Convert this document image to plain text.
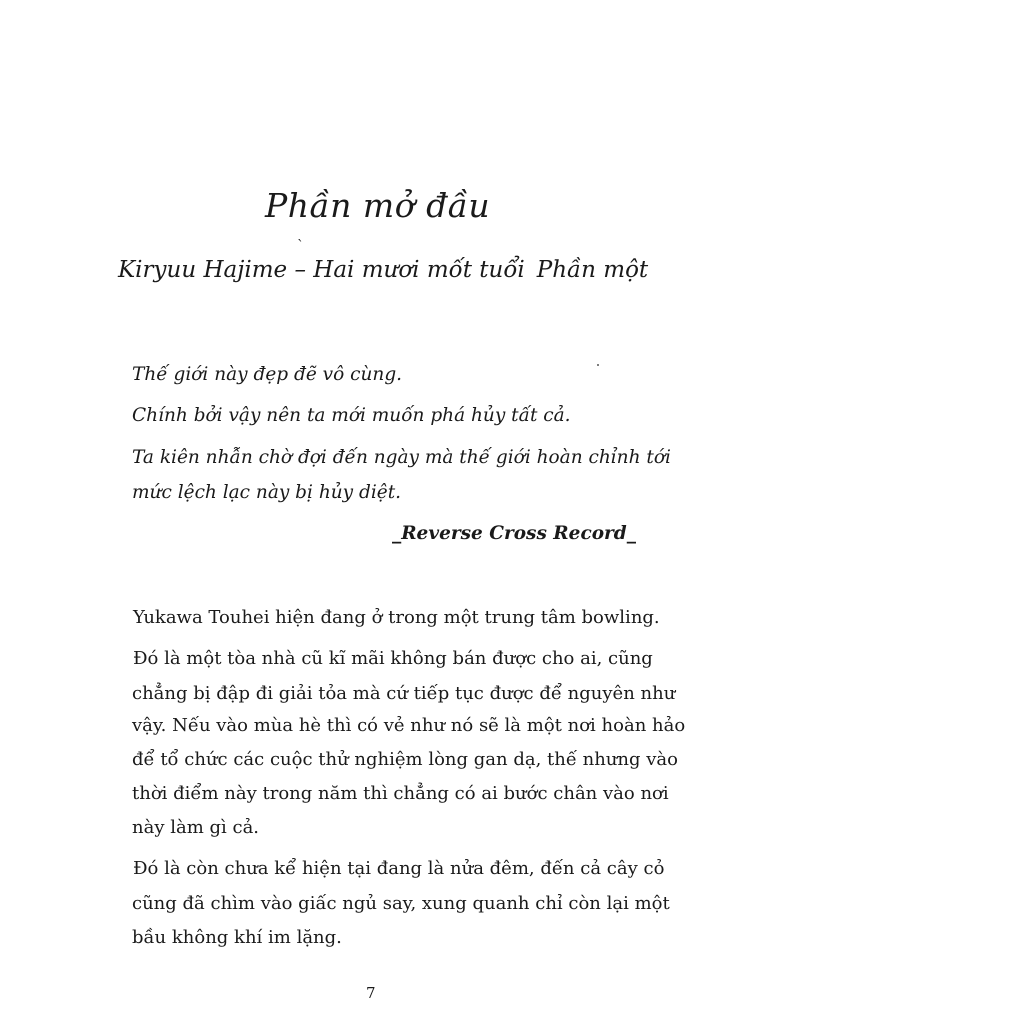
Phần mở đầu
`
Kiryuu Hajime – Hai mươi mốt tuổi Phần một
Thế giới này đẹp đẽ vô cùng.
Chính bởi vậy nên ta mới muốn phá hủy tất cả.
Ta kiên nhẫn chờ đợi đến ngày mà thế giới hoàn chỉnh tới
mức lệch lạc này bị hủy diệt.
_Reverse Cross Record_
Yukawa Touhei hiện đang ở trong một trung tâm bowling.
Đó là một tòa nhà cũ kĩ mãi không bán được cho ai, cũng
chẳng bị đập đi giải tỏa mà cứ tiếp tục được để nguyên như
vậy. Nếu vào mùa hè thì có vẻ như nó sẽ là một nơi hoàn hảo
để tổ chức các cuộc thử nghiệm lòng gan dạ, thế nhưng vào
thời điểm này trong năm thì chẳng có ai bước chân vào nơi
này làm gì cả.
Đó là còn chưa kể hiện tại đang là nửa đêm, đến cả cây cỏ
cũng đã chìm vào giấc ngủ say, xung quanh chỉ còn lại một
bầu không khí im lặng.
7
